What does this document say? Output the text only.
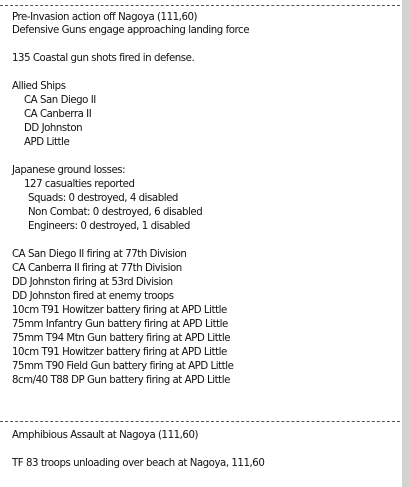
Pre-Invasion action off Nagoya (111,60)
Defensive Guns engage approaching landing force
135 Coastal gun shots fired in defense.
Allied Ships
CA San Diego II
CA Canberra II
DD Johnston
APD Little
Japanese ground losses:
127 casualties reported
Squads: 0 destroyed, 4 disabled
Non Combat: 0 destroyed, 6 disabled
Engineers: 0 destroyed, 1 disabled
CA San Diego II firing at 77th Division
CA Canberra II firing at 77th Division
DD Johnston firing at 53rd Division
DD Johnston fired at enemy troops
10cm T91 Howitzer battery firing at APD Little
75mm Infantry Gun battery firing at APD Little
75mm T94 Mtn Gun battery firing at APD Little
10cm T91 Howitzer battery firing at APD Little
75mm T90 Field Gun battery firing at APD Little
8cm/40 T88 DP Gun battery firing at APD Little
Amphibious Assault at Nagoya (111,60)
TF 83 troops unloading over beach at Nagoya, 111,60
